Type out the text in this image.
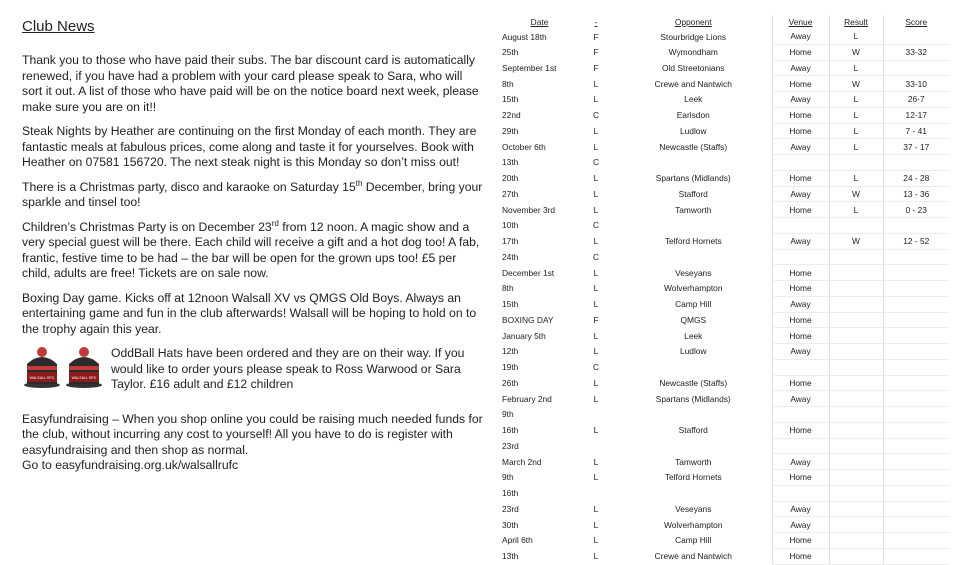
Club News

Thank you to those who have paid their subs. The bar discount card is automatically renewed, if you have had a problem with your card please speak to Sara, who will sort it out. A list of those who have paid will be on the notice board next week, please make sure you are on it!!

Steak Nights by Heather are continuing on the first Monday of each month. They are fantastic meals at fabulous prices, come along and taste it for yourselves. Book with Heather on 07581 156720. The next steak night is this Monday so don’t miss out!

There is a Christmas party, disco and karaoke on Saturday 15th December, bring your sparkle and tinsel too!

Children’s Christmas Party is on December 23rd from 12 noon. A magic show and a very special guest will be there. Each child will receive a gift and a hot dog too! A fab, frantic, festive time to be had – the bar will be open for the grown ups too! £5 per child, adults are free! Tickets are on sale now.

Boxing Day game. Kicks off at 12noon Walsall XV vs QMGS Old Boys. Always an entertaining game and fun in the club afterwards! Walsall will be hoping to hold on to the trophy again this year.

WALSALL RFC	WALSALL RFC

OddBall Hats have been ordered and they are on their way. If you would like to order yours please speak to Ross Warwood or Sara Taylor. £16 adult and £12 children

Easyfundraising – When you shop online you could be raising much needed funds for the club, without incurring any cost to yourself! All you have to do is register with easyfundraising and then shop as normal.
Go to easyfundraising.org.uk/walsallrufc

Date	-	Opponent	Venue	Result	Score
August 18th	F	Stourbridge Lions	Away	L	
25th	F	Wymondham	Home	W	33-32
September 1st	F	Old Streetonians	Away	L	
8th	L	Crewe and Nantwich	Home	W	33-10
15th	L	Leek	Away	L	26-7
22nd	C	Earlsdon	Home	L	12-17
29th	L	Ludlow	Home	L	7 - 41
October 6th	L	Newcastle (Staffs)	Away	L	37 - 17
13th	C				
20th	L	Spartans (Midlands)	Home	L	24 - 28
27th	L	Stafford	Away	W	13 - 36
November 3rd	L	Tamworth	Home	L	0 - 23
10th	C				
17th	L	Telford Hornets	Away	W	12 - 52
24th	C				
December 1st	L	Veseyans	Home		
8th	L	Wolverhampton	Home		
15th	L	Camp Hill	Away		
BOXING DAY	F	QMGS	Home		
January 5th	L	Leek	Home		
12th	L	Ludlow	Away		
19th	C				
26th	L	Newcastle (Staffs)	Home		
February 2nd	L	Spartans (Midlands)	Away		
9th					
16th	L	Stafford	Home		
23rd					
March 2nd	L	Tamworth	Away		
9th	L	Telford Hornets	Home		
16th					
23rd	L	Veseyans	Away		
30th	L	Wolverhampton	Away		
April 6th	L	Camp Hill	Home		
13th	L	Crewe and Nantwich	Home		
